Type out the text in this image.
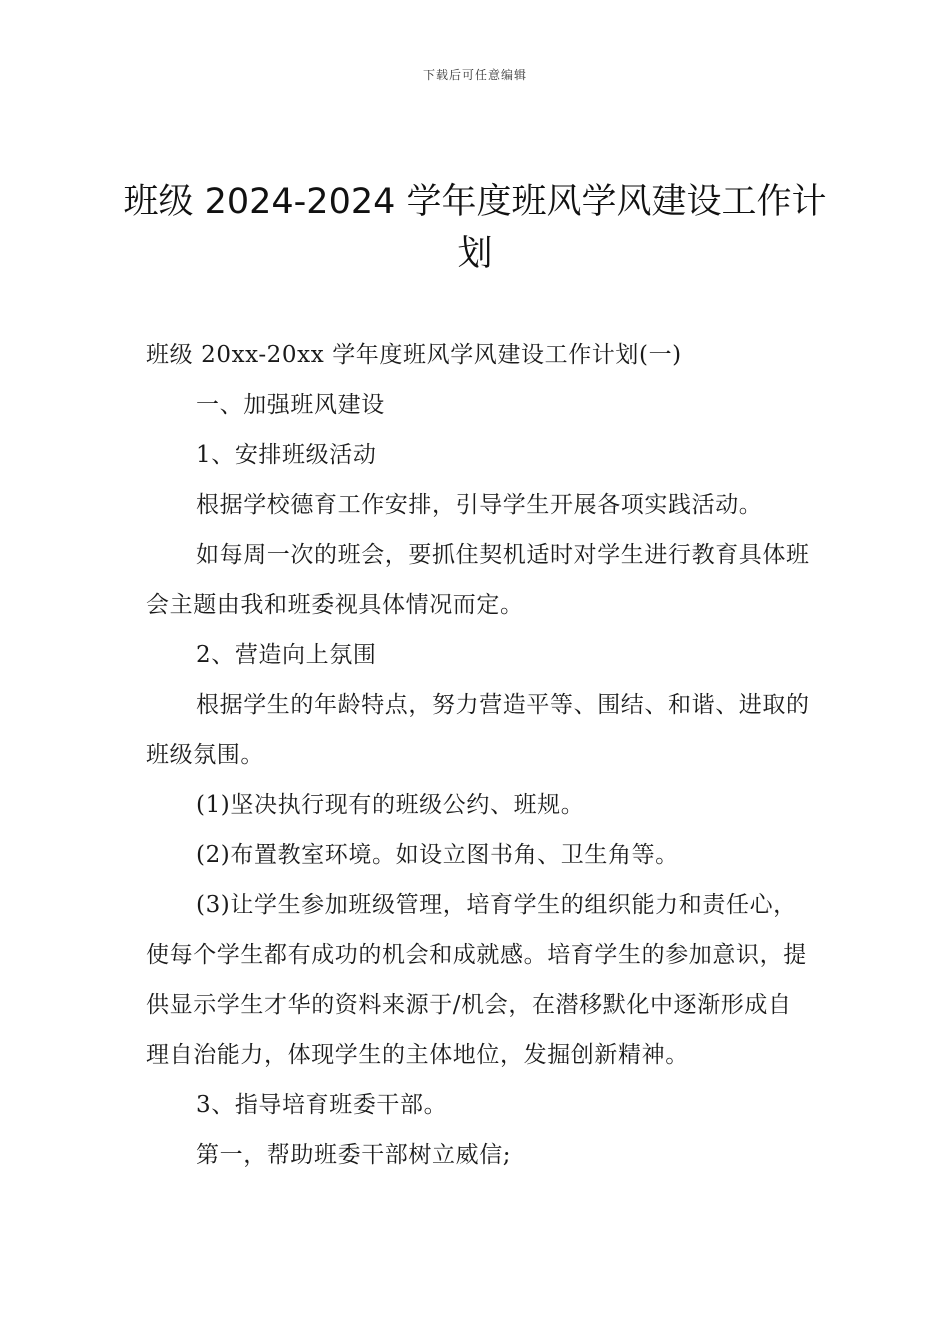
下载后可任意编辑
班级 2024-2024 学年度班风学风建设工作计划

班级 20xx-20xx 学年度班风学风建设工作计划(一)

一、加强班风建设

1、安排班级活动

根据学校德育工作安排，引导学生开展各项实践活动。

如每周一次的班会，要抓住契机适时对学生进行教育具体班会主题由我和班委视具体情况而定。

2、营造向上氛围

根据学生的年龄特点，努力营造平等、围结、和谐、进取的班级氛围。

(1)坚决执行现有的班级公约、班规。

(2)布置教室环境。如设立图书角、卫生角等。

(3)让学生参加班级管理，培育学生的组织能力和责任心，使每个学生都有成功的机会和成就感。培育学生的参加意识，提供显示学生才华的资料来源于/机会，在潜移默化中逐渐形成自理自治能力，体现学生的主体地位，发掘创新精神。

3、指导培育班委干部。

第一，帮助班委干部树立威信;
